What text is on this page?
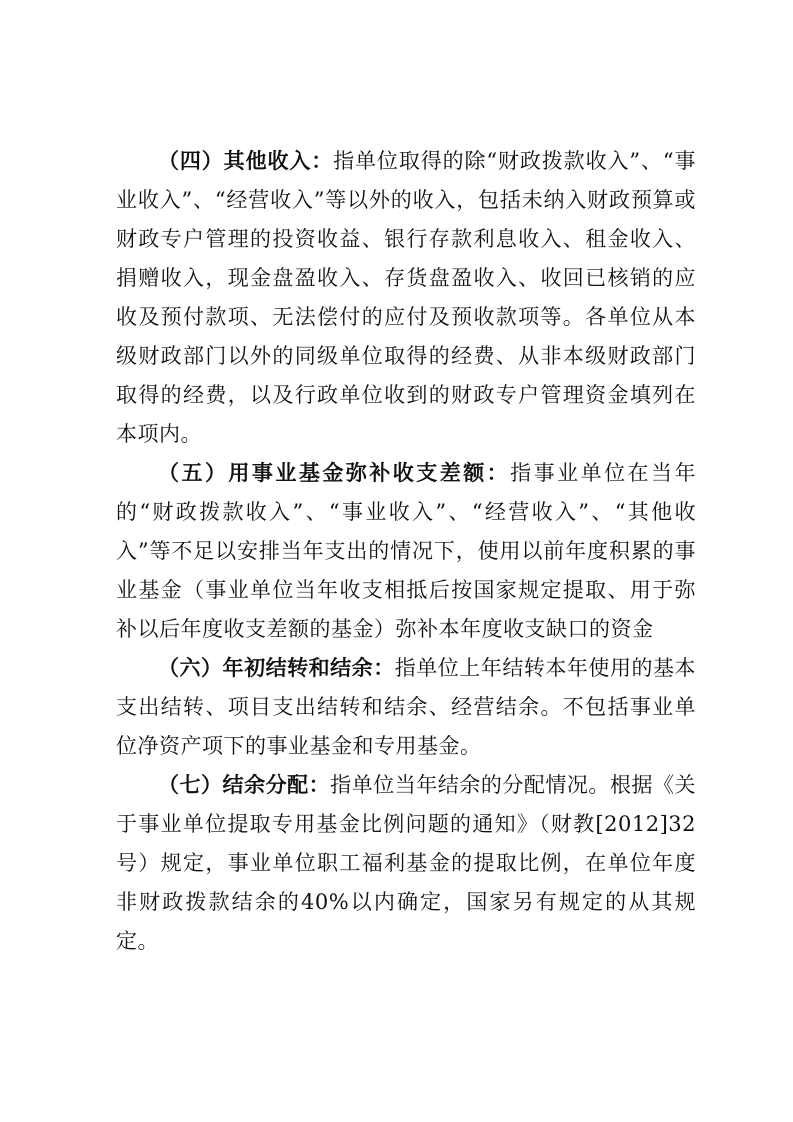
（四）其他收入：指单位取得的除“财政拨款收入”、“事业收入”、“经营收入”等以外的收入，包括未纳入财政预算或财政专户管理的投资收益、银行存款利息收入、租金收入、捐赠收入，现金盘盈收入、存货盘盈收入、收回已核销的应收及预付款项、无法偿付的应付及预收款项等。各单位从本级财政部门以外的同级单位取得的经费、从非本级财政部门取得的经费，以及行政单位收到的财政专户管理资金填列在本项内。

（五）用事业基金弥补收支差额：指事业单位在当年的“财政拨款收入”、“事业收入”、“经营收入”、“其他收入”等不足以安排当年支出的情况下，使用以前年度积累的事业基金（事业单位当年收支相抵后按国家规定提取、用于弥补以后年度收支差额的基金）弥补本年度收支缺口的资金

（六）年初结转和结余：指单位上年结转本年使用的基本支出结转、项目支出结转和结余、经营结余。不包括事业单位净资产项下的事业基金和专用基金。

（七）结余分配：指单位当年结余的分配情况。根据《关于事业单位提取专用基金比例问题的通知》（财教[2012]32号）规定，事业单位职工福利基金的提取比例，在单位年度非财政拨款结余的40%以内确定，国家另有规定的从其规定。
